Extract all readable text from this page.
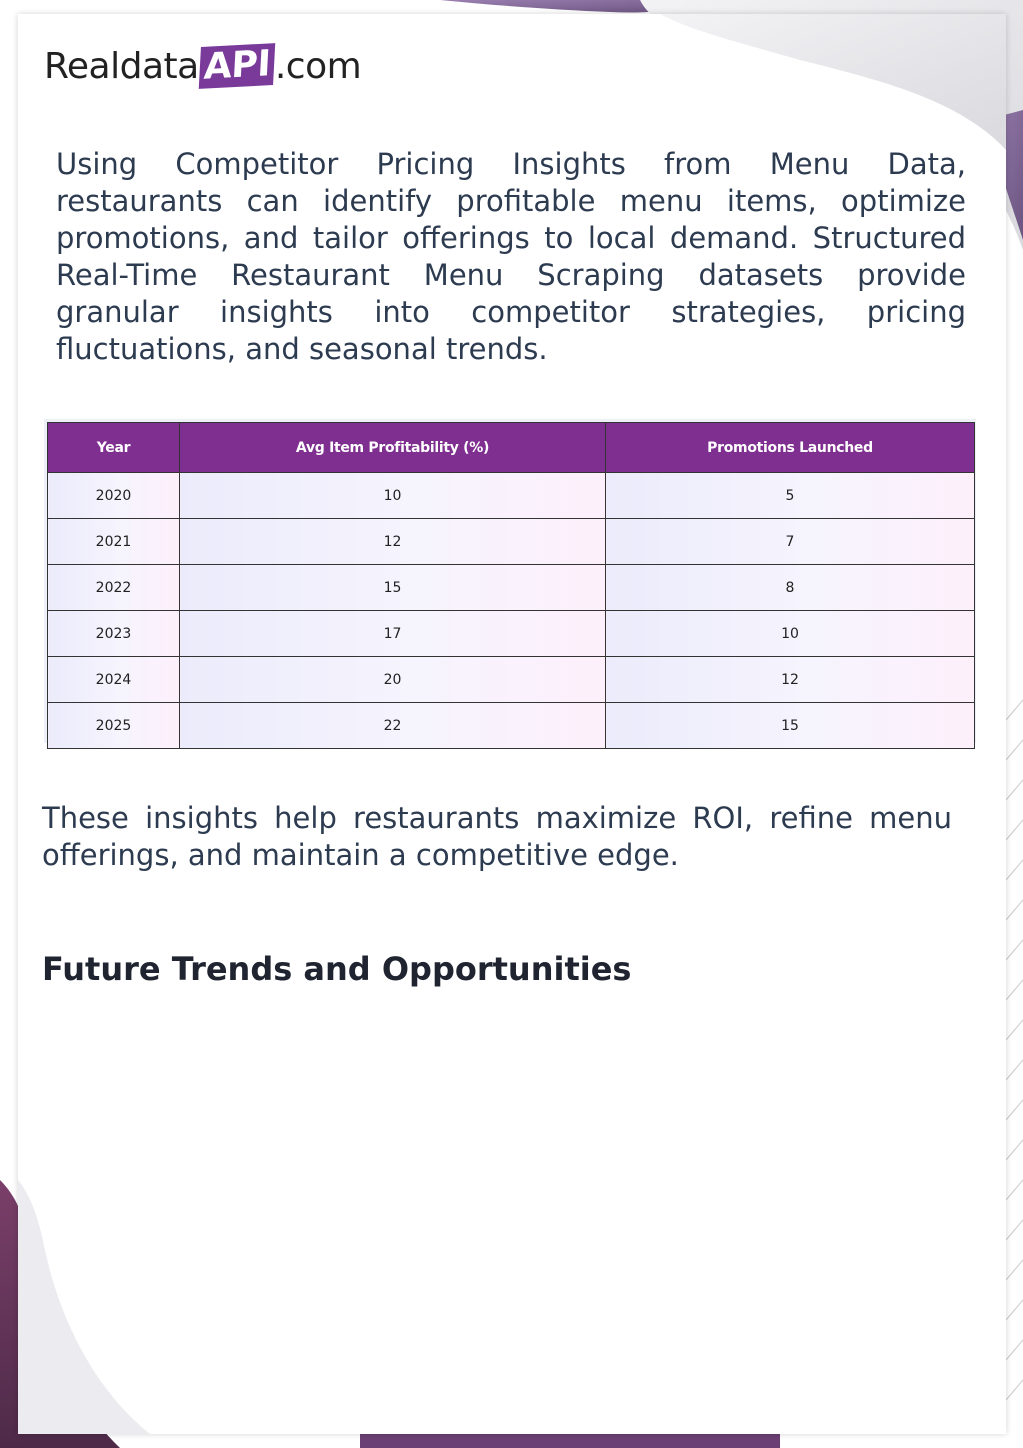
Realdata API .com

Using Competitor Pricing Insights from Menu Data, restaurants can identify profitable menu items, optimize promotions, and tailor offerings to local demand. Structured Real-Time Restaurant Menu Scraping datasets provide granular insights into competitor strategies, pricing fluctuations, and seasonal trends.

Year	Avg Item Profitability (%)	Promotions Launched
2020	10	5
2021	12	7
2022	15	8
2023	17	10
2024	20	12
2025	22	15

These insights help restaurants maximize ROI, refine menu offerings, and maintain a competitive edge.

Future Trends and Opportunities
